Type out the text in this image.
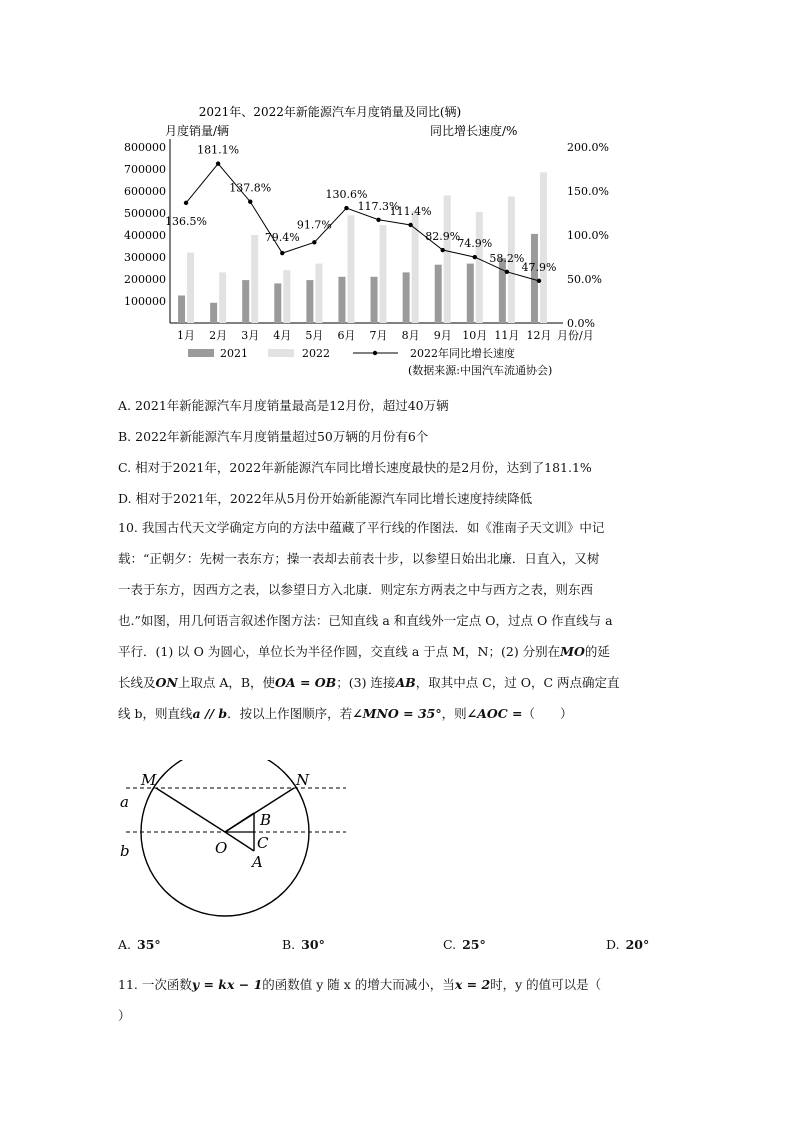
2021年、2022年新能源汽车月度销量及同比(辆)
月度销量/辆	同比增长速度/%
800000
700000
600000
500000
400000
300000
200000
100000
200.0%
150.0%
100.0%
50.0%
0.0%
1月 2月 3月 4月 5月 6月 7月 8月 9月 10月 11月 12月 月份/月
136.5%
181.1%
137.8%
79.4%
91.7%
130.6%
117.3%
111.4%
82.9%
74.9%
58.2%
47.9%
2021	2022	2022年同比增长速度
(数据来源:中国汽车流通协会)
A. 2021年新能源汽车月度销量最高是12月份，超过40万辆
B. 2022年新能源汽车月度销量超过50万辆的月份有6个
C. 相对于2021年，2022年新能源汽车同比增长速度最快的是2月份，达到了181.1%
D. 相对于2021年，2022年从5月份开始新能源汽车同比增长速度持续降低

10. 我国古代天文学确定方向的方法中蕴藏了平行线的作图法．如《淮南子天文训》中记

载：“正朝夕：先树一表东方；操一表却去前表十步，以参望日始出北廉．日直入，又树

一表于东方，因西方之表，以参望日方入北康．则定东方两表之中与西方之表，则东西

也.”如图，用几何语言叙述作图方法：已知直线 a 和直线外一定点 O，过点 O 作直线与 a

平行．(1) 以 O 为圆心，单位长为半径作圆，交直线 a 于点 M，N；(2) 分别在MO的延

长线及ON上取点 A，B，使OA = OB；(3) 连接AB，取其中点 C，过 O，C 两点确定直

线 b，则直线a // b．按以上作图顺序，若∠MNO = 35°，则∠AOC =（　　）

M	N
a
b	O
B
C
A
A. 35°	B. 30°	C. 25°	D. 20°

11. 一次函数y = kx − 1的函数值 y 随 x 的增大而减小，当x = 2时，y 的值可以是（

）
